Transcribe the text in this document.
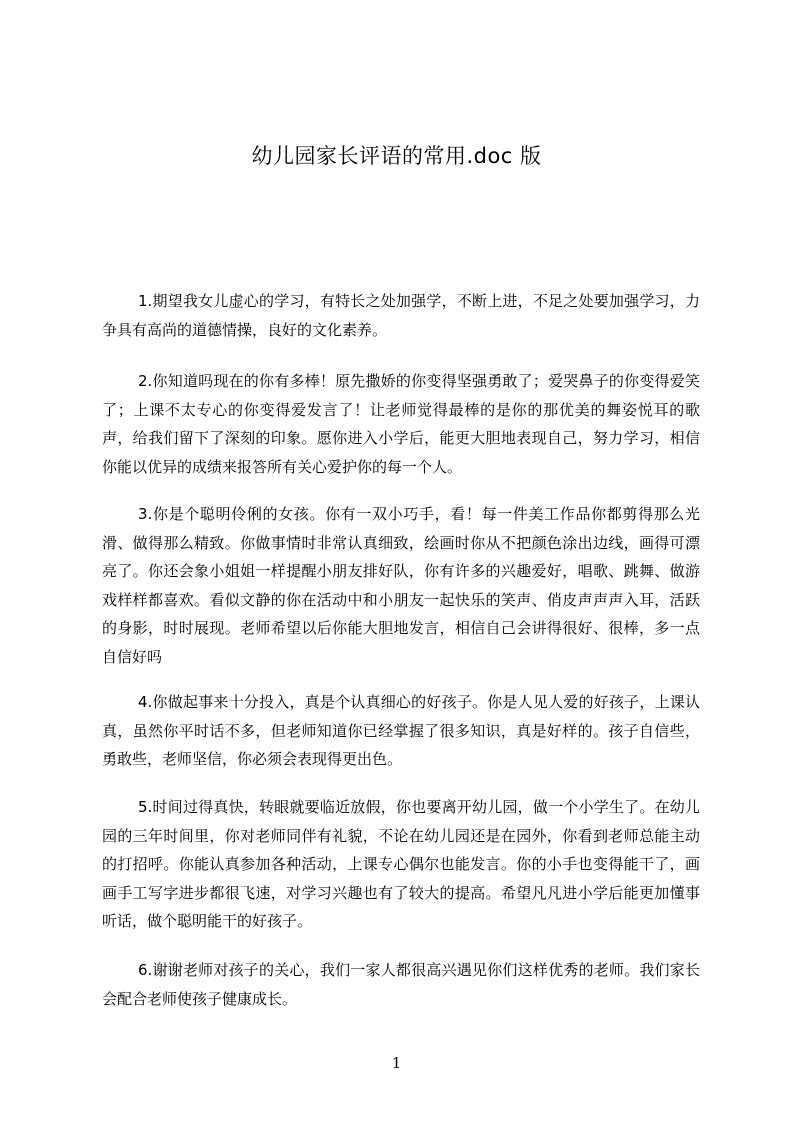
幼儿园家长评语的常用.doc 版

1.期望我女儿虚心的学习，有特长之处加强学，不断上进，不足之处要加强学习，力争具有高尚的道德情操，良好的文化素养。

2.你知道吗现在的你有多棒！原先撒娇的你变得坚强勇敢了；爱哭鼻子的你变得爱笑了；上课不太专心的你变得爱发言了！让老师觉得最棒的是你的那优美的舞姿悦耳的歌声，给我们留下了深刻的印象。愿你进入小学后，能更大胆地表现自己，努力学习，相信你能以优异的成绩来报答所有关心爱护你的每一个人。

3.你是个聪明伶俐的女孩。你有一双小巧手，看！每一件美工作品你都剪得那么光滑、做得那么精致。你做事情时非常认真细致，绘画时你从不把颜色涂出边线，画得可漂亮了。你还会象小姐姐一样提醒小朋友排好队，你有许多的兴趣爱好，唱歌、跳舞、做游戏样样都喜欢。看似文静的你在活动中和小朋友一起快乐的笑声、俏皮声声声入耳，活跃的身影，时时展现。老师希望以后你能大胆地发言，相信自己会讲得很好、很棒，多一点自信好吗

4.你做起事来十分投入，真是个认真细心的好孩子。你是人见人爱的好孩子，上课认真，虽然你平时话不多，但老师知道你已经掌握了很多知识，真是好样的。孩子自信些，勇敢些，老师坚信，你必须会表现得更出色。

5.时间过得真快，转眼就要临近放假，你也要离开幼儿园，做一个小学生了。在幼儿园的三年时间里，你对老师同伴有礼貌，不论在幼儿园还是在园外，你看到老师总能主动的打招呼。你能认真参加各种活动，上课专心偶尔也能发言。你的小手也变得能干了，画画手工写字进步都很飞速，对学习兴趣也有了较大的提高。希望凡凡进小学后能更加懂事听话，做个聪明能干的好孩子。

6.谢谢老师对孩子的关心，我们一家人都很高兴遇见你们这样优秀的老师。我们家长会配合老师使孩子健康成长。

1
